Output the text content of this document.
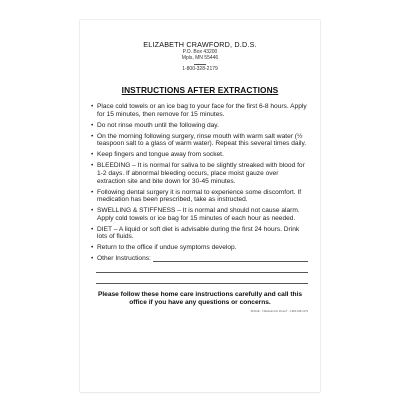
ELIZABETH CRAWFORD, D.D.S.
P.O. Box 43200
Mpls, MN 55446
1-800-328-2179
INSTRUCTIONS AFTER EXTRACTIONS
• Place cold towels or an ice bag to your face for the first 6-8 hours. Apply for 15 minutes, then remove for 15 minutes.
• Do not rinse mouth until the following day.
• On the morning following surgery, rinse mouth with warm salt water (½ teaspoon salt to a glass of warm water). Repeat this several times daily.
• Keep fingers and tongue away from socket.
• BLEEDING – It is normal for saliva to be slightly streaked with blood for 1-2 days. If abnormal bleeding occurs, place moist gauze over extraction site and bite down for 30-45 minutes.
• Following dental surgery it is normal to experience some discomfort. If medication has been prescribed, take as instructed.
• SWELLING & STIFFNESS – It is normal and should not cause alarm. Apply cold towels or ice bag for 15 minutes of each hour as needed.
• DIET – A liquid or soft diet is advisable during the first 24 hours. Drink lots of fluids.
• Return to the office if undue symptoms develop.
• Other Instructions:
Please follow these home care instructions carefully and call this office if you have any questions or concerns.
#1010E · ©Medical Arts Press® · 1-800-328-2179
